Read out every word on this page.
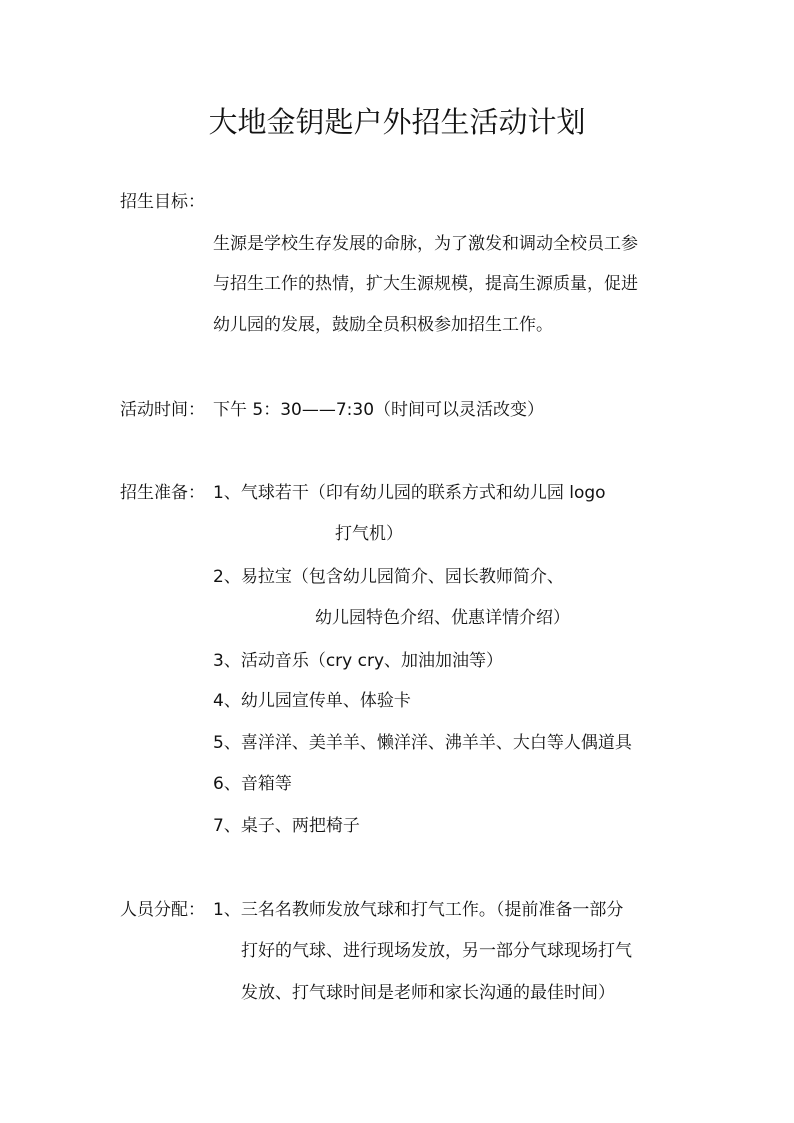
大地金钥匙户外招生活动计划

招生目标：

生源是学校生存发展的命脉，为了激发和调动全校员工参

与招生工作的热情，扩大生源规模，提高生源质量，促进

幼儿园的发展，鼓励全员积极参加招生工作。

活动时间： 下午 5：30——7:30（时间可以灵活改变）

招生准备： 1、气球若干（印有幼儿园的联系方式和幼儿园 logo

打气机）

2、易拉宝（包含幼儿园简介、园长教师简介、

幼儿园特色介绍、优惠详情介绍）

3、活动音乐（cry cry、加油加油等）

4、幼儿园宣传单、体验卡

5、喜洋洋、美羊羊、懒洋洋、沸羊羊、大白等人偶道具

6、音箱等

7、桌子、两把椅子

人员分配： 1、三名名教师发放气球和打气工作。（提前准备一部分

打好的气球、进行现场发放，另一部分气球现场打气

发放、打气球时间是老师和家长沟通的最佳时间）
